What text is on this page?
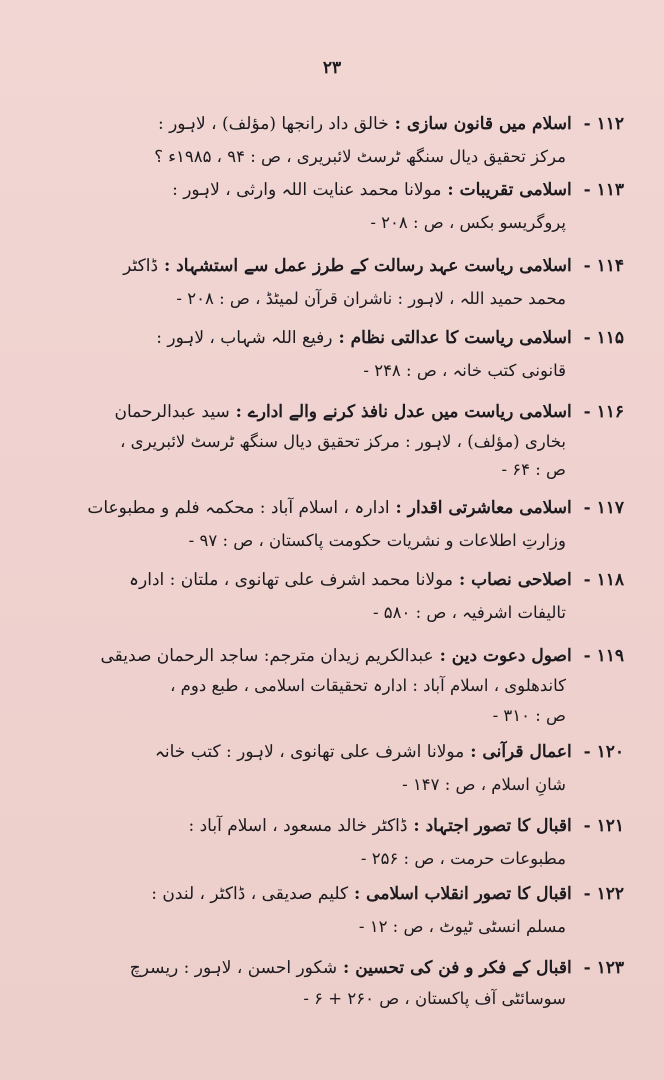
۲۳
۱۱۲ - اسلام میں قانون سازی : خالق داد رانجھا (مؤلف) ، لاہور :
مرکز تحقیق دیال سنگھ ٹرسٹ لائبریری ، ص : ۹۴ ، ۱۹۸۵ء ؟
۱۱۳ - اسلامی تقریبات : مولانا محمد عنایت اللہ وارثی ، لاہور :
پروگریسو بکس ، ص : ۲۰۸ -
۱۱۴ - اسلامی ریاست عہد رسالت کے طرز عمل سے استشہاد : ڈاکٹر
محمد حمید اللہ ، لاہور : ناشران قرآن لمیٹڈ ، ص : ۲۰۸ -
۱۱۵ - اسلامی ریاست کا عدالتی نظام : رفیع اللہ شہاب ، لاہور :
قانونی کتب خانہ ، ص : ۲۴۸ -
۱۱۶ - اسلامی ریاست میں عدل نافذ کرنے والے ادارے : سید عبدالرحمان
بخاری (مؤلف) ، لاہور : مرکز تحقیق دیال سنگھ ٹرسٹ لائبریری ،
ص : ۶۴ -
۱۱۷ - اسلامی معاشرتی اقدار : ادارہ ، اسلام آباد : محکمہ فلم و مطبوعات
وزارتِ اطلاعات و نشریات حکومت پاکستان ، ص : ۹۷ -
۱۱۸ - اصلاحی نصاب : مولانا محمد اشرف علی تھانوی ، ملتان : ادارہ
تالیفات اشرفیہ ، ص : ۵۸۰ -
۱۱۹ - اصول دعوت دین : عبدالکریم زیدان مترجم: ساجد الرحمان صدیقی
کاندھلوی ، اسلام آباد : ادارہ تحقیقات اسلامی ، طبع دوم ،
ص : ۳۱۰ -
۱۲۰ - اعمال قرآنی : مولانا اشرف علی تھانوی ، لاہور : کتب خانہ
شانِ اسلام ، ص : ۱۴۷ -
۱۲۱ - اقبال کا تصور اجتہاد : ڈاکٹر خالد مسعود ، اسلام آباد :
مطبوعات حرمت ، ص : ۲۵۶ -
۱۲۲ - اقبال کا تصور انقلاب اسلامی : کلیم صدیقی ، ڈاکٹر ، لندن :
مسلم انسٹی ٹیوٹ ، ص : ۱۲ -
۱۲۳ - اقبال کے فکر و فن کی تحسین : شکور احسن ، لاہور : ریسرچ
سوسائٹی آف پاکستان ، ص ۲۶۰ + ۶ -
